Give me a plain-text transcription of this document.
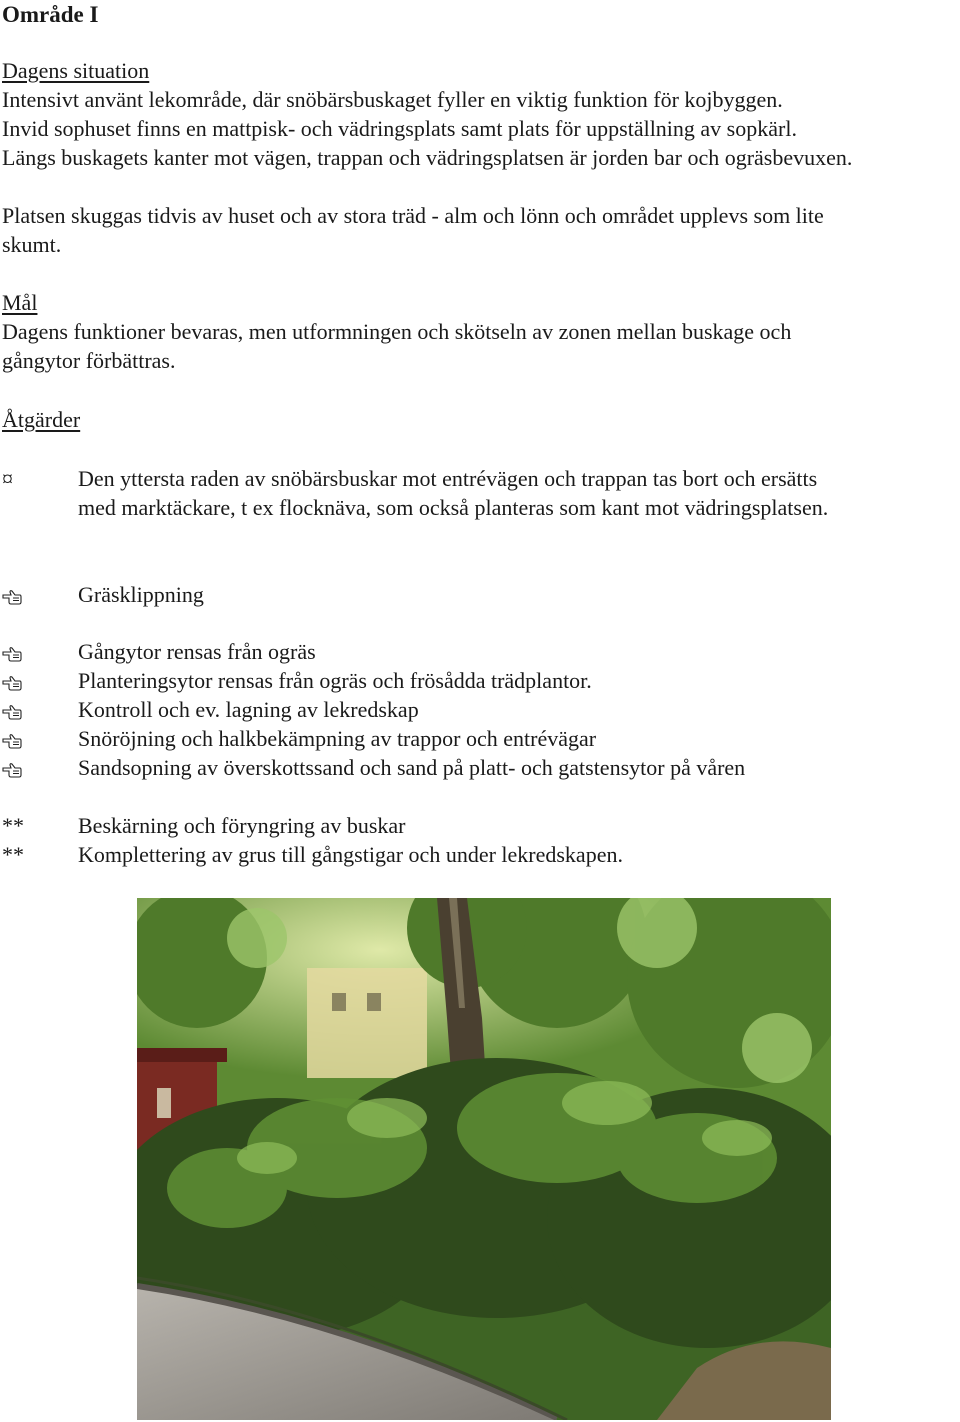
Område I
Dagens situation
Intensivt använt lekområde, där snöbärsbuskaget fyller en viktig funktion för kojbyggen.
Invid sophuset finns en mattpisk- och vädringsplats samt plats för uppställning av sopkärl.
Längs buskagets kanter mot vägen, trappan och vädringsplatsen är jorden bar och ogräsbevuxen.
Platsen skuggas tidvis av huset och av stora träd - alm och lönn och området upplevs som lite
skumt.
Mål
Dagens funktioner bevaras, men utformningen och skötseln av zonen mellan buskage och
gångytor förbättras.
Åtgärder
¤	Den yttersta raden av snöbärsbuskar mot entrévägen och trappan tas bort och ersätts
med marktäckare, t ex flocknäva, som också planteras som kant mot vädringsplatsen.
Gräsklippning
Gångytor rensas från ogräs
Planteringsytor rensas från ogräs och frösådda trädplantor.
Kontroll och ev. lagning av lekredskap
Snöröjning och halkbekämpning av trappor och entrévägar
Sandsopning av överskottssand och sand på platt- och gatstensytor på våren
** Beskärning och föryngring av buskar
** Komplettering av grus till gångstigar och under lekredskapen.
